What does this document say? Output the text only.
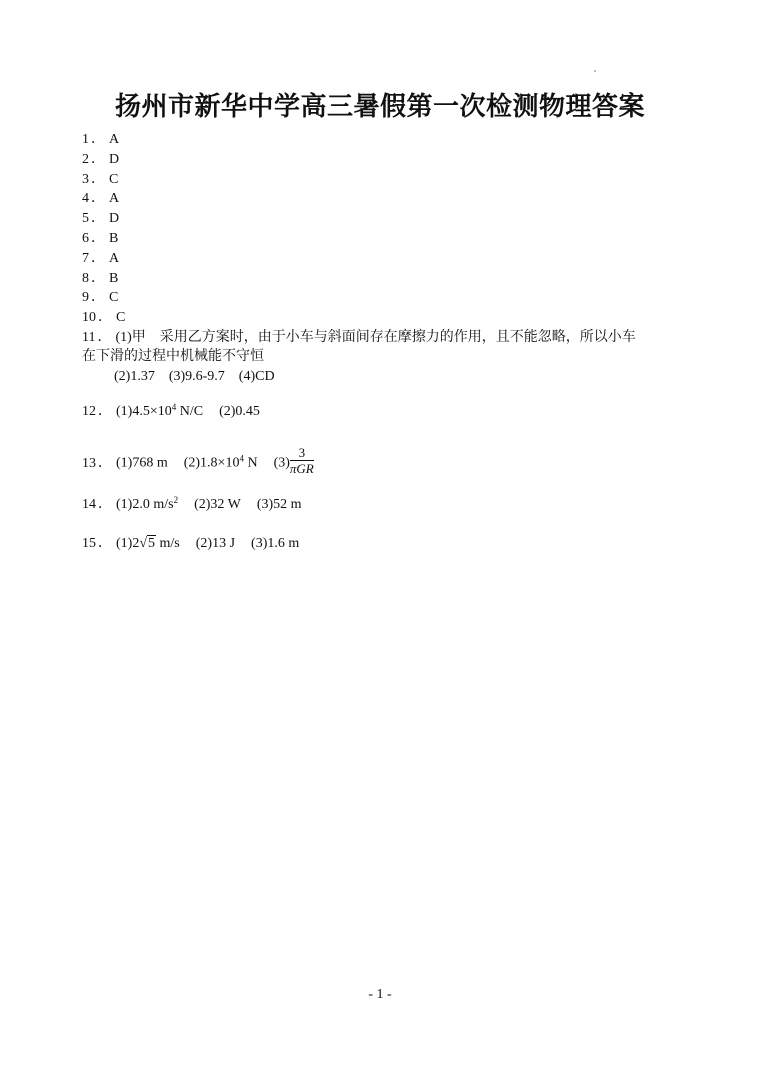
扬州市新华中学高三暑假第一次检测物理答案
1 ． A
2 ． D
3 ． C
4 ． A
5 ． D
6 ． B
7 ． A
8 ． B
9 ． C
10 ． C
11 ． (1)甲　采用乙方案时，由于小车与斜面间存在摩擦力的作用，且不能忽略，所以小车
在下滑的过程中机械能不守恒
(2)1.37　(3)9.6-9.7　(4)CD
12 ． $(1)4.5\times 10^4$ N/C (2)0.45
13 ． (1)768 m $(2)1.8\times 10^4$ N $(3) \frac{3}{\text{πGR}}$
14 ． (1)2.0 $m/s^2$ (2)32 W (3)52 m
15 ． (1)2√5 m/s (2)13 J (3)1.6 m
- 1 -
